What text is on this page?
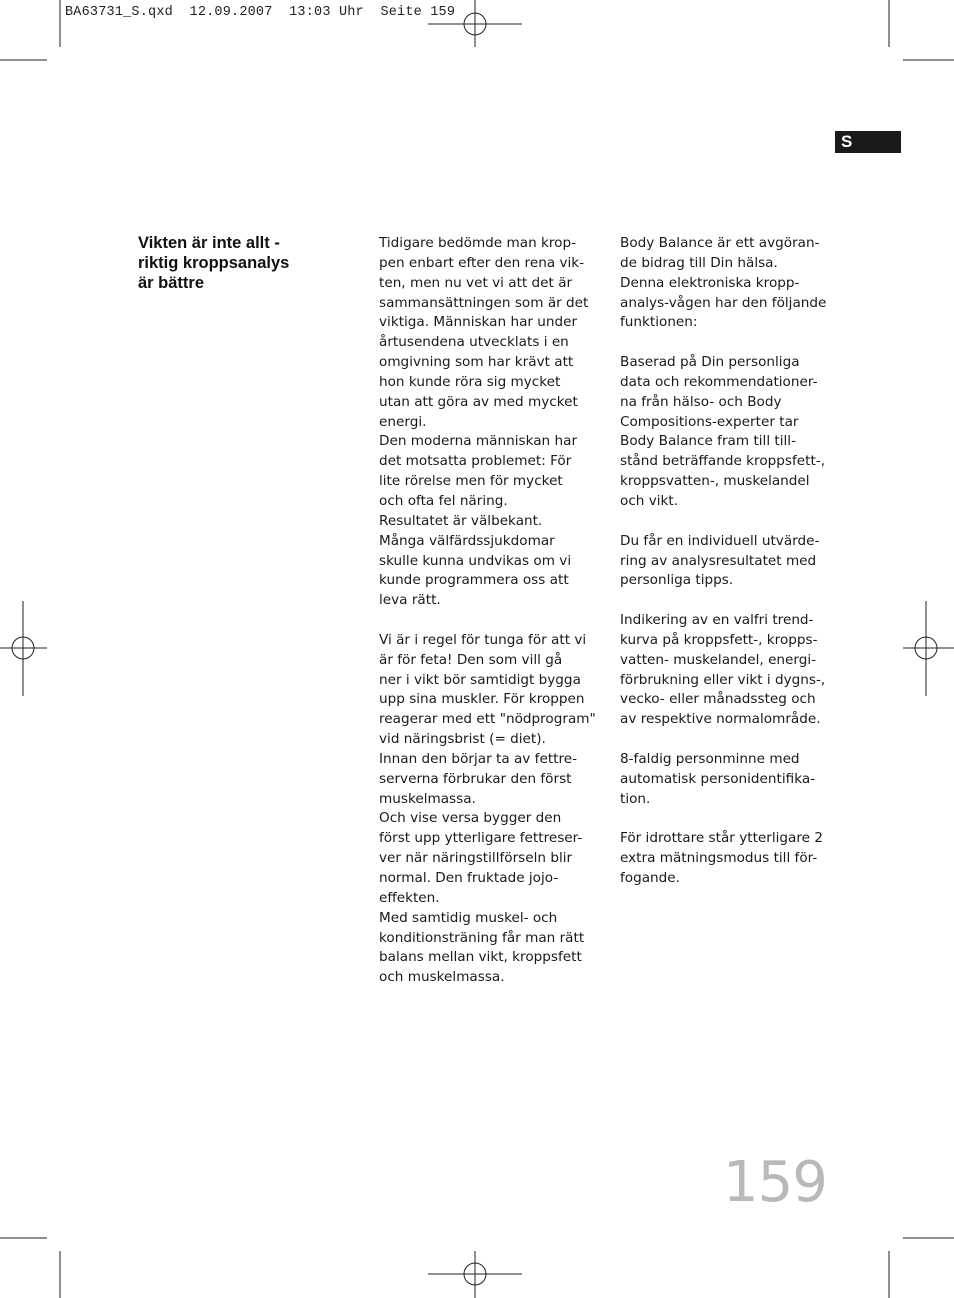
BA63731_S.qxd  12.09.2007  13:03 Uhr  Seite 159
S
Vikten är inte allt -
riktig kroppsanalys
är bättre
Tidigare bedömde man krop-
pen enbart efter den rena vik-
ten, men nu vet vi att det är
sammansättningen som är det
viktiga. Människan har under
årtusendena utvecklats i en
omgivning som har krävt att
hon kunde röra sig mycket
utan att göra av med mycket
energi.
Den moderna människan har
det motsatta problemet: För
lite rörelse men för mycket
och ofta fel näring.
Resultatet är välbekant.
Många välfärdssjukdomar
skulle kunna undvikas om vi
kunde programmera oss att
leva rätt.
Vi är i regel för tunga för att vi
är för feta! Den som vill gå
ner i vikt bör samtidigt bygga
upp sina muskler. För kroppen
reagerar med ett "nödprogram"
vid näringsbrist (= diet).
Innan den börjar ta av fettre-
serverna förbrukar den först
muskelmassa.
Och vise versa bygger den
först upp ytterligare fettreser-
ver när näringstillförseln blir
normal. Den fruktade jojo-
effekten.
Med samtidig muskel- och
konditionsträning får man rätt
balans mellan vikt, kroppsfett
och muskelmassa.
Body Balance är ett avgöran-
de bidrag till Din hälsa.
Denna elektroniska kropp-
analys-vågen har den följande
funktionen:
Baserad på Din personliga
data och rekommendationer-
na från hälso- och Body
Compositions-experter tar
Body Balance fram till till-
stånd beträffande kroppsfett-,
kroppsvatten-, muskelandel
och vikt.
Du får en individuell utvärde-
ring av analysresultatet med
personliga tipps.
Indikering av en valfri trend-
kurva på kroppsfett-, kropps-
vatten- muskelandel, energi-
förbrukning eller vikt i dygns-,
vecko- eller månadssteg och
av respektive normalområde.
8-faldig personminne med
automatisk personidentifika-
tion.
För idrottare står ytterligare 2
extra mätningsmodus till för-
fogande.
159
